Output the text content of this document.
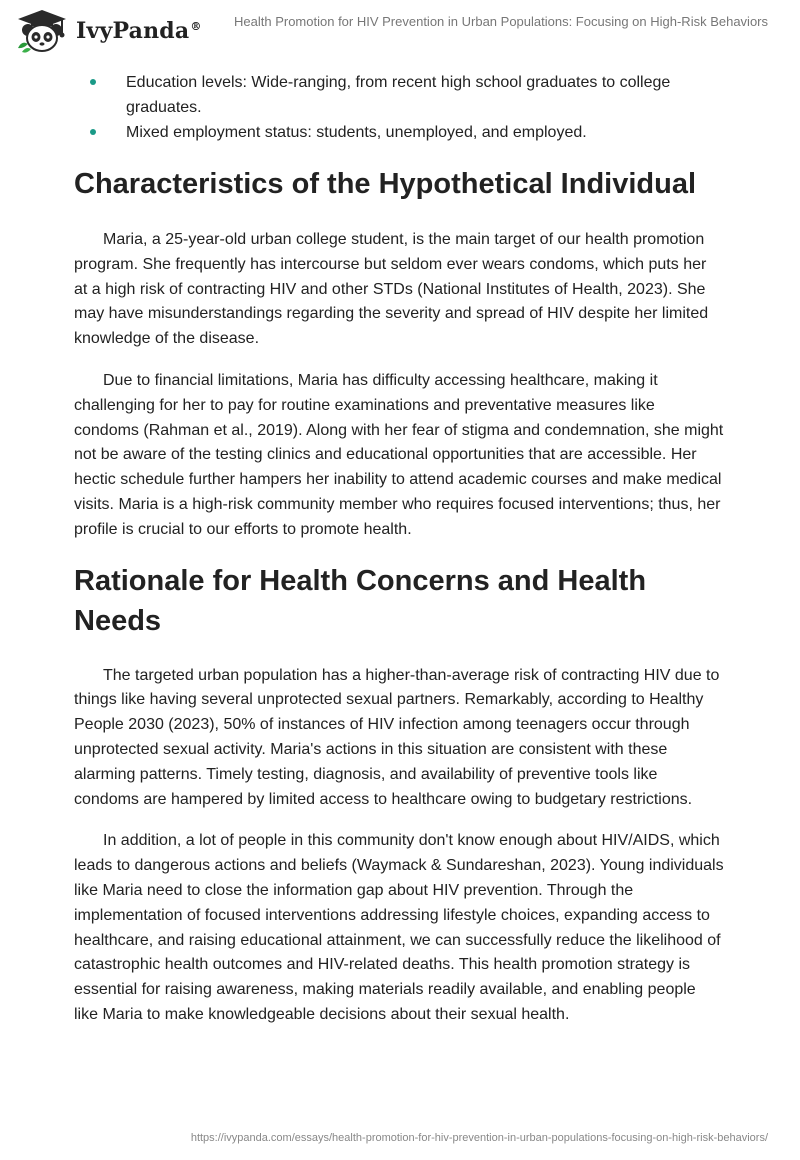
IvyPanda®	Health Promotion for HIV Prevention in Urban Populations: Focusing on High-Risk Behaviors
Education levels: Wide-ranging, from recent high school graduates to college graduates.
Mixed employment status: students, unemployed, and employed.
Characteristics of the Hypothetical Individual

Maria, a 25-year-old urban college student, is the main target of our health promotion program. She frequently has intercourse but seldom ever wears condoms, which puts her at a high risk of contracting HIV and other STDs (National Institutes of Health, 2023). She may have misunderstandings regarding the severity and spread of HIV despite her limited knowledge of the disease.

Due to financial limitations, Maria has difficulty accessing healthcare, making it challenging for her to pay for routine examinations and preventative measures like condoms (Rahman et al., 2019). Along with her fear of stigma and condemnation, she might not be aware of the testing clinics and educational opportunities that are accessible. Her hectic schedule further hampers her inability to attend academic courses and make medical visits. Maria is a high-risk community member who requires focused interventions; thus, her profile is crucial to our efforts to promote health.

Rationale for Health Concerns and Health Needs

The targeted urban population has a higher-than-average risk of contracting HIV due to things like having several unprotected sexual partners. Remarkably, according to Healthy People 2030 (2023), 50% of instances of HIV infection among teenagers occur through unprotected sexual activity. Maria's actions in this situation are consistent with these alarming patterns. Timely testing, diagnosis, and availability of preventive tools like condoms are hampered by limited access to healthcare owing to budgetary restrictions.

In addition, a lot of people in this community don't know enough about HIV/AIDS, which leads to dangerous actions and beliefs (Waymack & Sundareshan, 2023). Young individuals like Maria need to close the information gap about HIV prevention. Through the implementation of focused interventions addressing lifestyle choices, expanding access to healthcare, and raising educational attainment, we can successfully reduce the likelihood of catastrophic health outcomes and HIV-related deaths. This health promotion strategy is essential for raising awareness, making materials readily available, and enabling people like Maria to make knowledgeable decisions about their sexual health.

https://ivypanda.com/essays/health-promotion-for-hiv-prevention-in-urban-populations-focusing-on-high-risk-behaviors/
